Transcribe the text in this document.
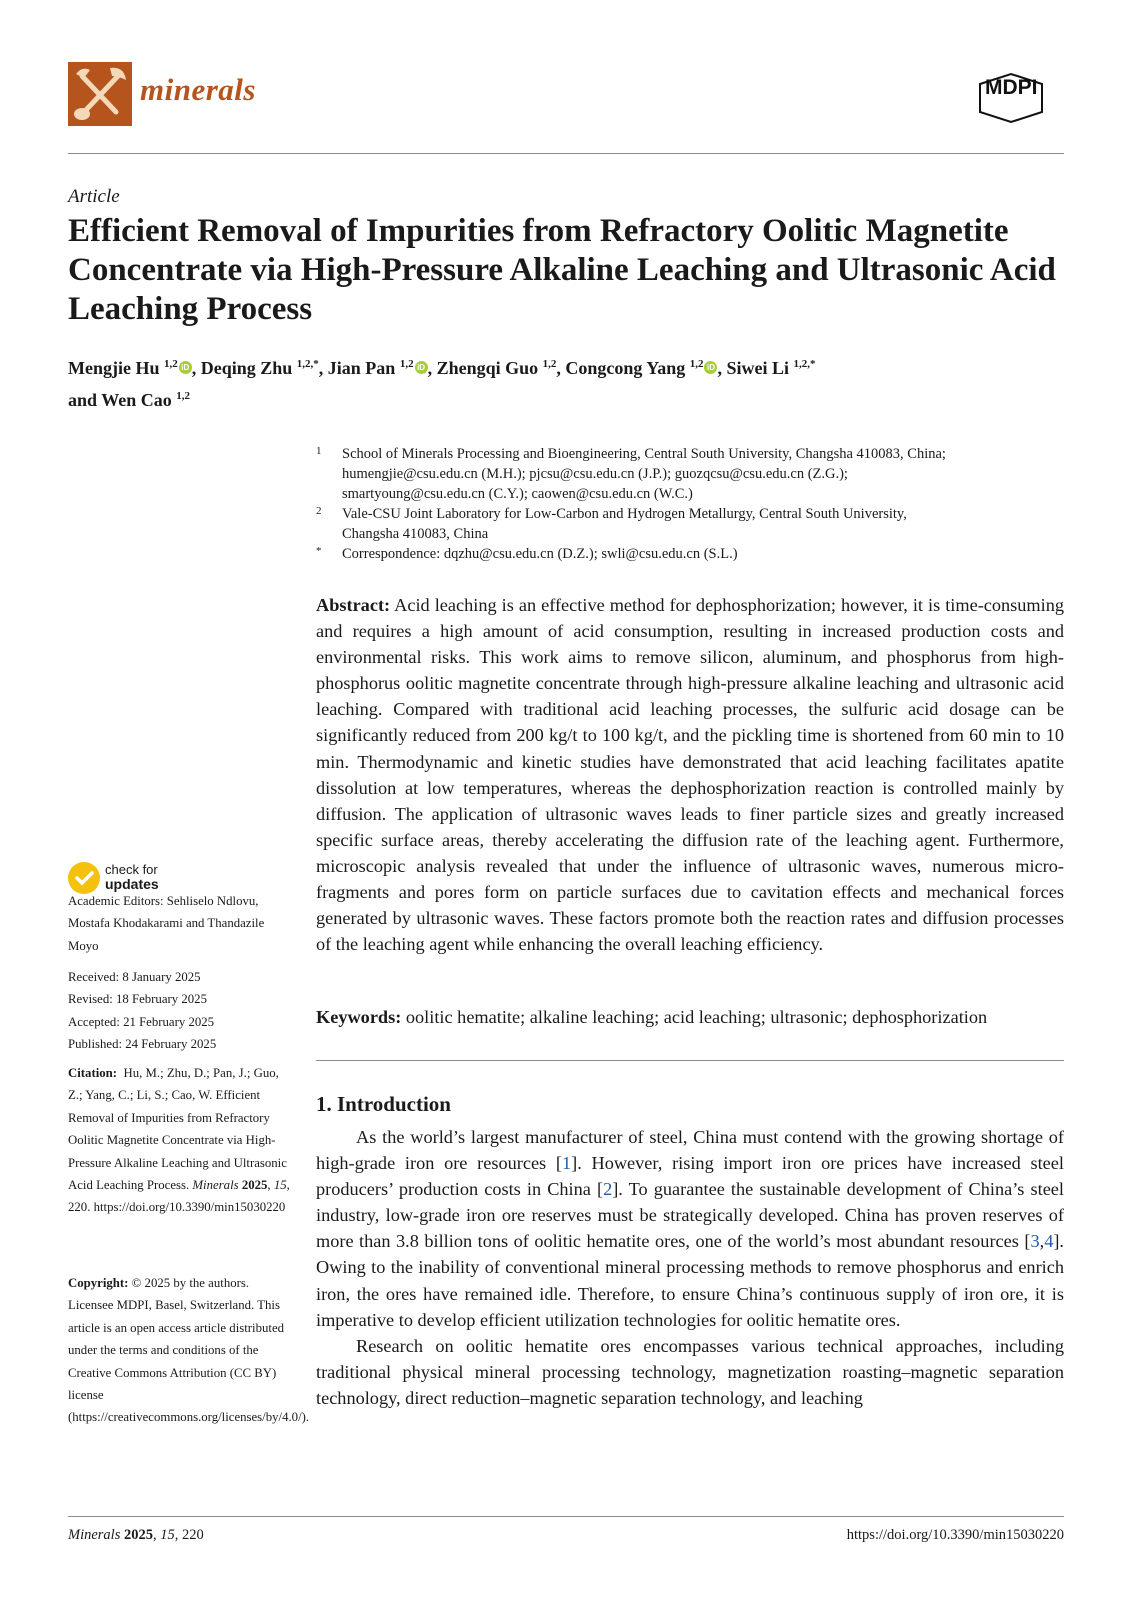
minerals	MDPI
Article
Efficient Removal of Impurities from Refractory Oolitic Magnetite Concentrate via High-Pressure Alkaline Leaching and Ultrasonic Acid Leaching Process
Mengjie Hu $^{1,2}$ iD , Deqing Zhu $^{1,2,*}$, Jian Pan $^{1,2}$ iD , Zhengqi Guo $^{1,2}$, Congcong Yang $^{1,2}$ iD , Siwei Li $^{1,2,*}$
and Wen Cao $^{1,2}$
1 School of Minerals Processing and Bioengineering, Central South University, Changsha 410083, China;
humengjie@csu.edu.cn (M.H.); pjcsu@csu.edu.cn (J.P.); guozqcsu@csu.edu.cn (Z.G.);
smartyoung@csu.edu.cn (C.Y.); caowen@csu.edu.cn (W.C.)
2 Vale-CSU Joint Laboratory for Low-Carbon and Hydrogen Metallurgy, Central South University,
Changsha 410083, China
* Correspondence: dqzhu@csu.edu.cn (D.Z.); swli@csu.edu.cn (S.L.)
Abstract: Acid leaching is an effective method for dephosphorization; however, it is time-consuming and requires a high amount of acid consumption, resulting in increased production costs and environmental risks. This work aims to remove silicon, aluminum, and phosphorus from high-phosphorus oolitic magnetite concentrate through high-pressure alkaline leaching and ultrasonic acid leaching. Compared with traditional acid leaching processes, the sulfuric acid dosage can be significantly reduced from 200 kg/t to 100 kg/t, and the pickling time is shortened from 60 min to 10 min. Thermodynamic and kinetic studies have demonstrated that acid leaching facilitates apatite dissolution at low temperatures, whereas the dephosphorization reaction is controlled mainly by diffusion. The application of ultrasonic waves leads to finer particle sizes and greatly increased specific surface areas, thereby accelerating the diffusion rate of the leaching agent. Furthermore, microscopic analysis revealed that under the influence of ultrasonic waves, numerous micro-fragments and pores form on particle surfaces due to cavitation effects and mechanical forces generated by ultrasonic waves. These factors promote both the reaction rates and diffusion processes of the leaching agent while enhancing the overall leaching efficiency.
Keywords: oolitic hematite; alkaline leaching; acid leaching; ultrasonic; dephosphorization
1. Introduction

As the world’s largest manufacturer of steel, China must contend with the growing shortage of high-grade iron ore resources [1]. However, rising import iron ore prices have increased steel producers’ production costs in China [2]. To guarantee the sustainable development of China’s steel industry, low-grade iron ore reserves must be strategically developed. China has proven reserves of more than 3.8 billion tons of oolitic hematite ores, one of the world’s most abundant resources [3,4]. Owing to the inability of conventional mineral processing methods to remove phosphorus and enrich iron, the ores have remained idle. Therefore, to ensure China’s continuous supply of iron ore, it is imperative to develop efficient utilization technologies for oolitic hematite ores.

Research on oolitic hematite ores encompasses various technical approaches, including traditional physical mineral processing technology, magnetization roasting–magnetic separation technology, direct reduction–magnetic separation technology, and leaching

check for
updates
Academic Editors: Sehliselo Ndlovu, Mostafa Khodakarami and Thandazile Moyo
Received: 8 January 2025
Revised: 18 February 2025
Accepted: 21 February 2025
Published: 24 February 2025
Citation: Hu, M.; Zhu, D.; Pan, J.; Guo, Z.; Yang, C.; Li, S.; Cao, W. Efficient Removal of Impurities from Refractory Oolitic Magnetite Concentrate via High-Pressure Alkaline Leaching and Ultrasonic Acid Leaching Process. Minerals 2025, 15, 220. https://doi.org/10.3390/min15030220
Copyright: © 2025 by the authors. Licensee MDPI, Basel, Switzerland. This article is an open access article distributed under the terms and conditions of the Creative Commons Attribution (CC BY) license (https://creativecommons.org/licenses/by/4.0/).
Minerals 2025, 15, 220	https://doi.org/10.3390/min15030220
